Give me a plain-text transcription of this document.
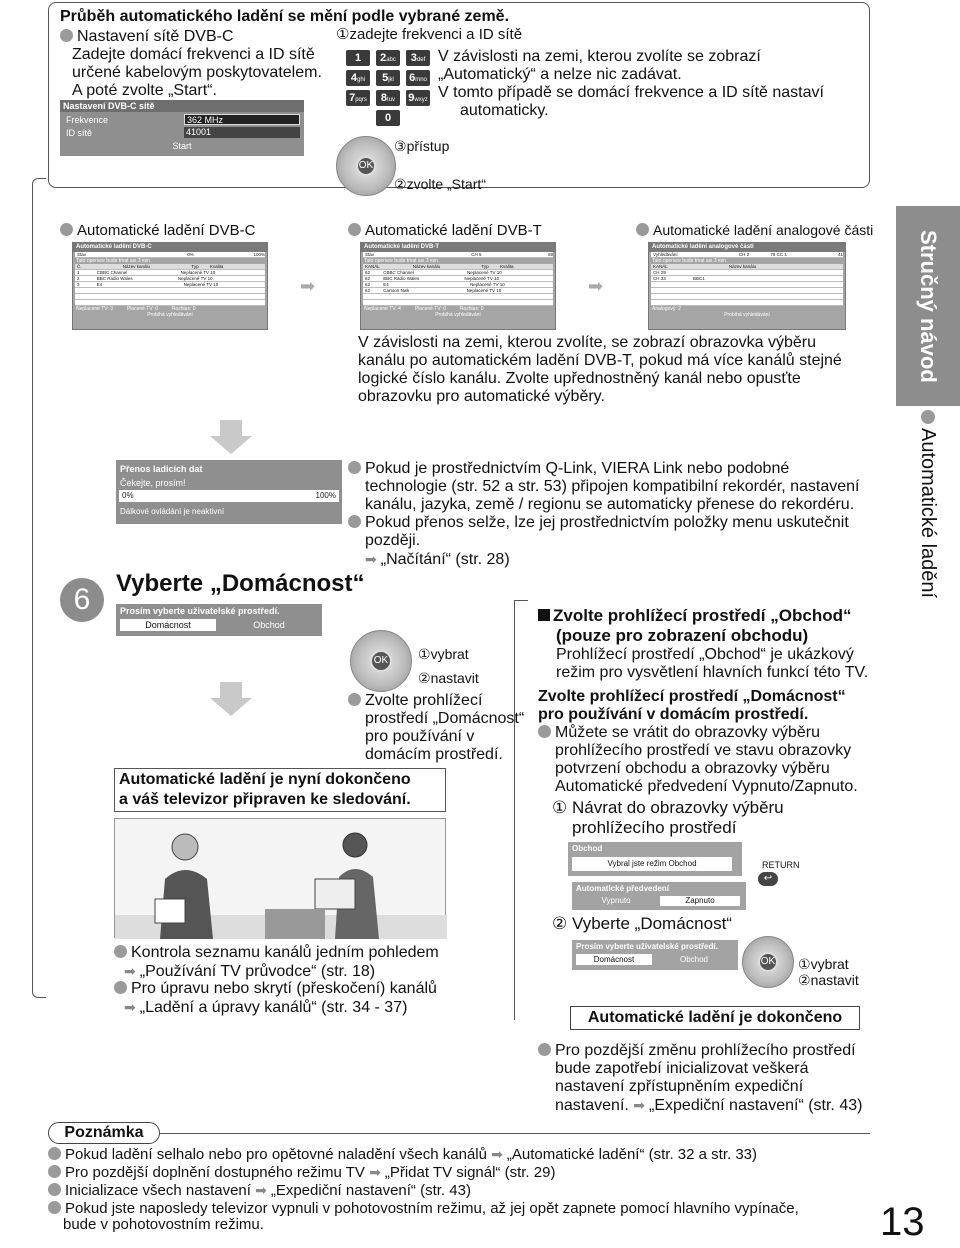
Průběh automatického ladění se mění podle vybrané země.
Nastavení sítě DVB-C
Zadejte domácí frekvenci a ID sítě
určené kabelovým poskytovatelem.
A poté zvolte „Start“.
Nastavení DVB-C sítě
Frekvence	362 MHz
ID sítě	41001
Start
①zadejte frekvenci a ID sítě
1 2abc 3def
4ghi 5jkl 6mno
7pqrs 8tuv 9wxyz
0
V závislosti na zemi, kterou zvolíte se zobrazí
„Automatický“ a nelze nic zadávat.
V tomto případě se domácí frekvence a ID sítě nastaví
automaticky.
OK
③přístup
②zvolte „Start“
Automatické ladění DVB-C	Automatické ladění DVB-T	Automatické ladění analogové části
Automatické ladění DVB-C
Stav	0%	100%
Tato operace bude trvat asi 3 min.
Č.	Název kanálu	Typ	Kvalita
1	CBBC Channel	Neplacené TV 10
2	BBC Radio Wales	Neplacené TV 10
3	E4	Neplacené TV 10
Neplacené TV: 3          Placené TV: 0          Rozhlas: 0
Probíhá vyhledávání
➡
Automatické ladění DVB-T
Stav	CH 5	69
Tato operace bude trvat asi 3 min.
KANÁL	Název kanálu	Typ	Kvalita
62	CBBC Channel	Neplacené TV 10
62	BBC Radio Wales	Neplacené TV 10
62	E4	Neplacené TV 10
62	Cartoon Nwk	Neplacené TV 10
Neplacené TV: 4          Placené TV: 0          Rozhlas: 0
Probíhá vyhledávání
➡
Automatické ladění analogové části
Vyhledávání	CH 2	78 CC 1	41
Tato operace bude trvat asi 3 min.
KANÁL	Název kanálu
CH 29
CH 33	BBC1
Analogový: 2
Probíhá vyhledávání
V závislosti na zemi, kterou zvolíte, se zobrazí obrazovka výběru
kanálu po automatickém ladění DVB-T, pokud má více kanálů stejné
logické číslo kanálu. Zvolte upřednostněný kanál nebo opusťte
obrazovku pro automatické výběry.
Přenos ladicích dat
Čekejte, prosím!
0%	100%
Dálkové ovládání je neaktivní
Pokud je prostřednictvím Q-Link, VIERA Link nebo podobné
technologie (str. 52 a str. 53) připojen kompatibilní rekordér, nastavení
kanálu, jazyka, země / regionu se automaticky přenese do rekordéru.
Pokud přenos selže, lze jej prostřednictvím položky menu uskutečnit
později.
➡ „Načítání“ (str. 28)
6	Vyberte „Domácnost“
Prosím vyberte uživatelské prostředí.
Domácnost	Obchod
OK ①vybrat
②nastavit
Zvolte prohlížecí
prostředí „Domácnost“
pro používání v
domácím prostředí.
Automatické ladění je nyní dokončeno
a váš televizor připraven ke sledování.
Kontrola seznamu kanálů jedním pohledem
➡ „Používání TV průvodce“ (str. 18)
Pro úpravu nebo skrytí (přeskočení) kanálů
➡ „Ladění a úpravy kanálů“ (str. 34 - 37)
Zvolte prohlížecí prostředí „Obchod“
(pouze pro zobrazení obchodu)
Prohlížecí prostředí „Obchod“ je ukázkový
režim pro vysvětlení hlavních funkcí této TV.
Zvolte prohlížecí prostředí „Domácnost“
pro používání v domácím prostředí.
Můžete se vrátit do obrazovky výběru
prohlížecího prostředí ve stavu obrazovky
potvrzení obchodu a obrazovky výběru
Automatické předvedení Vypnuto/Zapnuto.
① Návrat do obrazovky výběru
prohlížecího prostředí
Obchod
Vybral jste režim Obchod	RETURN
↩
Automatické předvedení
Vypnuto	Zapnuto
② Vyberte „Domácnost“
Prosím vyberte uživatelské prostředí.
Domácnost	Obchod	OK ①vybrat
②nastavit
Automatické ladění je dokončeno
Pro pozdější změnu prohlížecího prostředí
bude zapotřebí inicializovat veškerá
nastavení zpřístupněním expediční
nastavení. ➡ „Expediční nastavení“ (str. 43)
Poznámka
Pokud ladění selhalo nebo pro opětovné naladění všech kanálů ➡ „Automatické ladění“ (str. 32 a str. 33)
Pro pozdější doplnění dostupného režimu TV ➡ „Přidat TV signál“ (str. 29)
Inicializace všech nastavení ➡ „Expediční nastavení“ (str. 43)
Pokud jste naposledy televizor vypnuli v pohotovostním režimu, až jej opět zapnete pomocí hlavního vypínače,
bude v pohotovostním režimu.
Stručný návod
Automatické ladění
13
